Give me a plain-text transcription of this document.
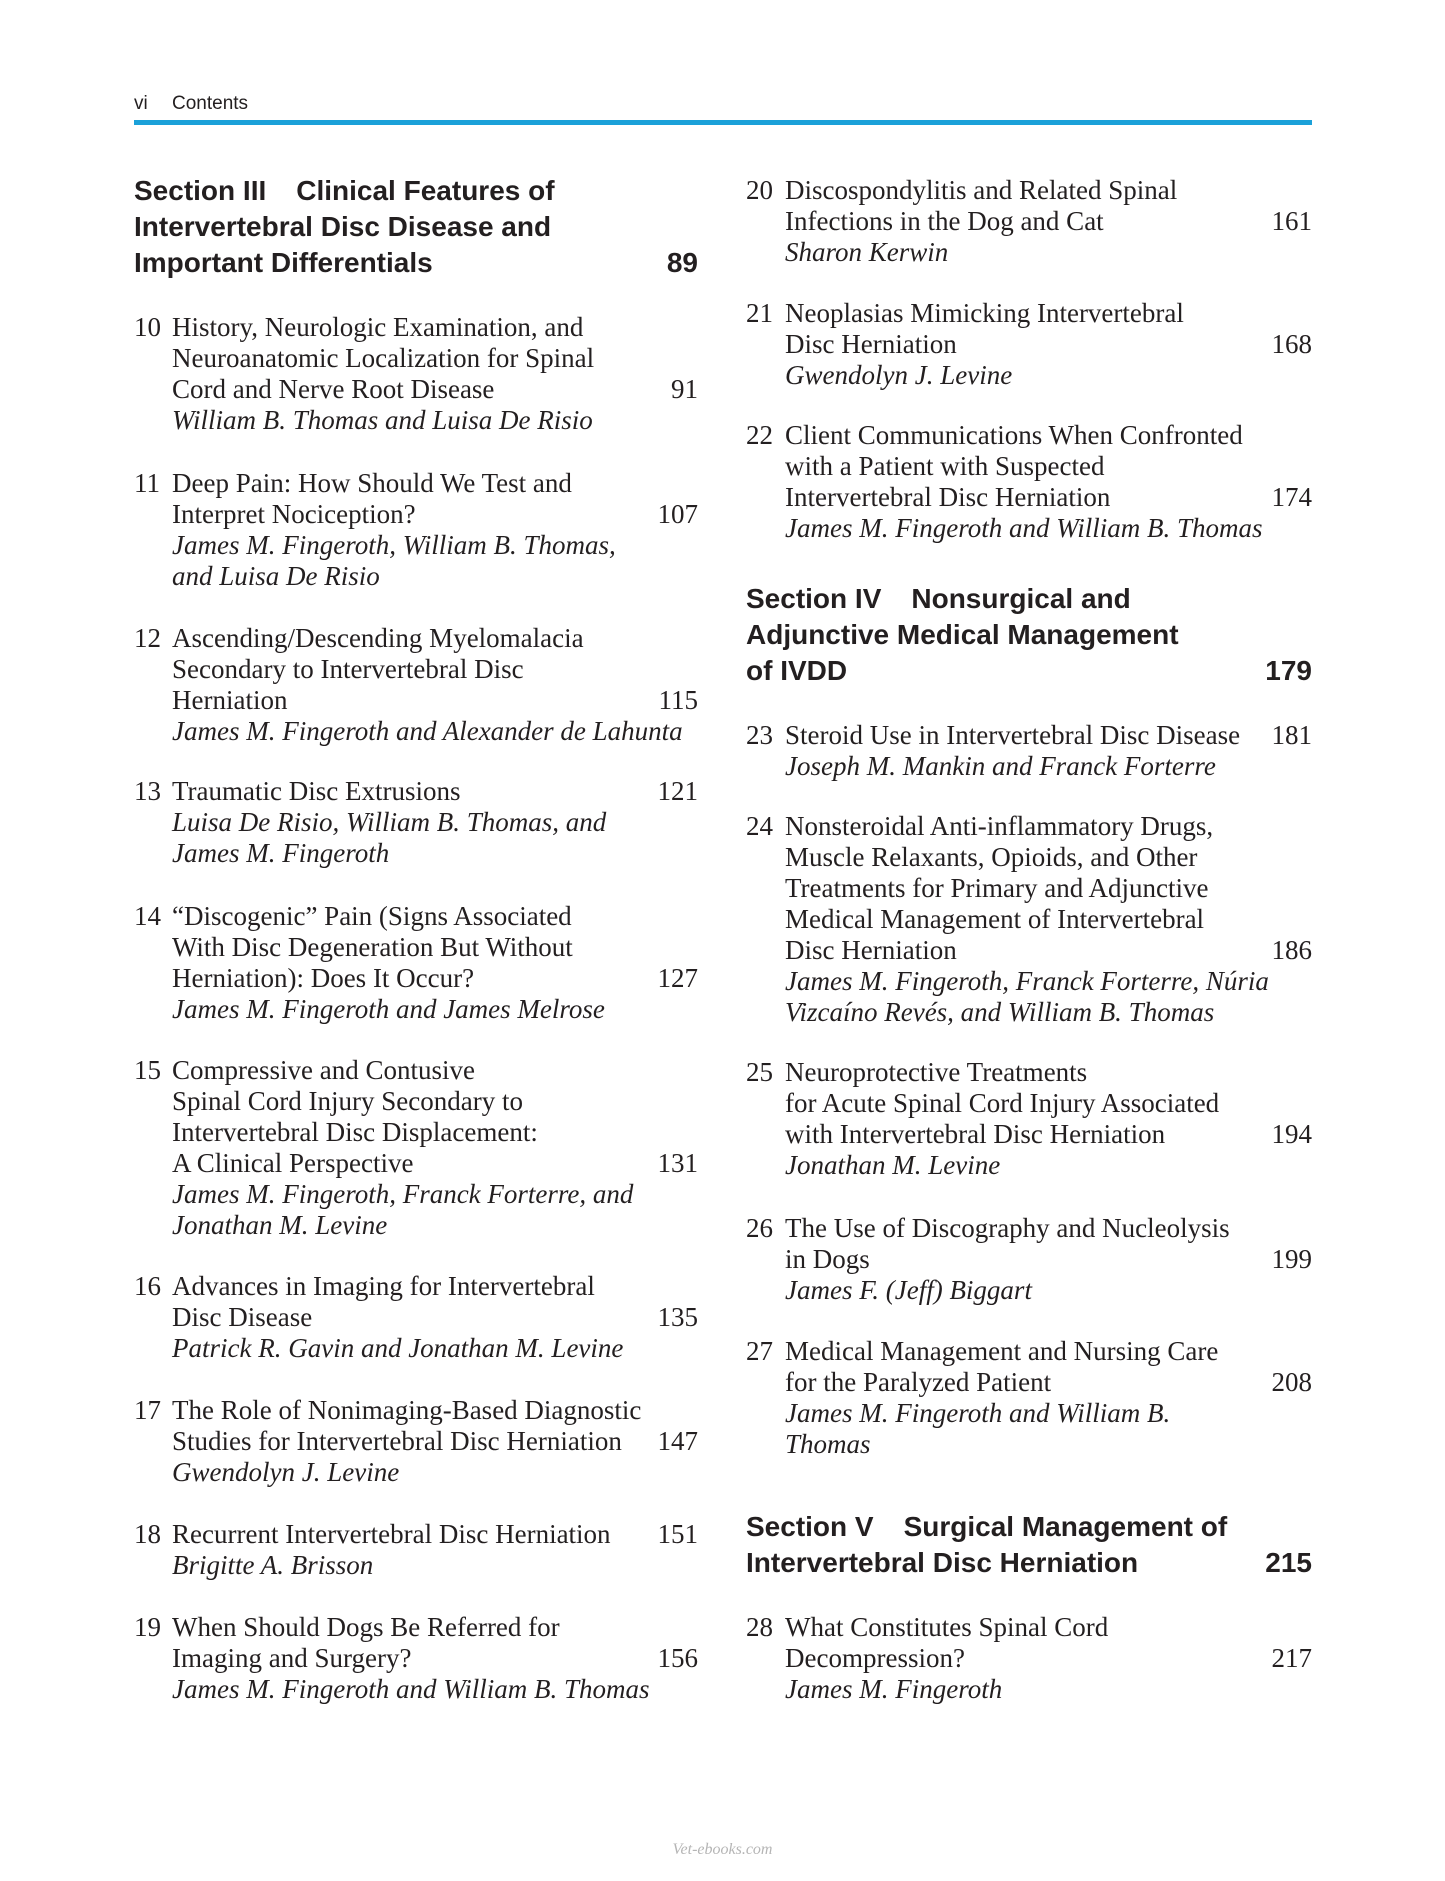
vi Contents
Section III Clinical Features of
Intervertebral Disc Disease and
Important Differentials	89
10 History, Neurologic Examination, and
Neuroanatomic Localization for Spinal
Cord and Nerve Root Disease	91
William B. Thomas and Luisa De Risio
11 Deep Pain: How Should We Test and
Interpret Nociception?	107
James M. Fingeroth, William B. Thomas,
and Luisa De Risio
12 Ascending/Descending Myelomalacia
Secondary to Intervertebral Disc
Herniation	115
James M. Fingeroth and Alexander de Lahunta
13 Traumatic Disc Extrusions	121
Luisa De Risio, William B. Thomas, and
James M. Fingeroth
14 “Discogenic” Pain (Signs Associated
With Disc Degeneration But Without
Herniation): Does It Occur?	127
James M. Fingeroth and James Melrose
15 Compressive and Contusive
Spinal Cord Injury Secondary to
Intervertebral Disc Displacement:
A Clinical Perspective	131
James M. Fingeroth, Franck Forterre, and
Jonathan M. Levine
16 Advances in Imaging for Intervertebral
Disc Disease	135
Patrick R. Gavin and Jonathan M. Levine
17 The Role of Nonimaging-Based Diagnostic
Studies for Intervertebral Disc Herniation 147
Gwendolyn J. Levine
18 Recurrent Intervertebral Disc Herniation 151
Brigitte A. Brisson
19 When Should Dogs Be Referred for
Imaging and Surgery?	156
James M. Fingeroth and William B. Thomas
20 Discospondylitis and Related Spinal
Infections in the Dog and Cat	161
Sharon Kerwin
21 Neoplasias Mimicking Intervertebral
Disc Herniation	168
Gwendolyn J. Levine
22 Client Communications When Confronted
with a Patient with Suspected
Intervertebral Disc Herniation	174
James M. Fingeroth and William B. Thomas
Section IV Nonsurgical and
Adjunctive Medical Management
of IVDD	179
23 Steroid Use in Intervertebral Disc Disease 181
Joseph M. Mankin and Franck Forterre
24 Nonsteroidal Anti-inflammatory Drugs,
Muscle Relaxants, Opioids, and Other
Treatments for Primary and Adjunctive
Medical Management of Intervertebral
Disc Herniation	186
James M. Fingeroth, Franck Forterre, Núria
Vizcaíno Revés, and William B. Thomas
25 Neuroprotective Treatments
for Acute Spinal Cord Injury Associated
with Intervertebral Disc Herniation	194
Jonathan M. Levine
26 The Use of Discography and Nucleolysis
in Dogs	199
James F. (Jeff) Biggart
27 Medical Management and Nursing Care
for the Paralyzed Patient	208
James M. Fingeroth and William B.
Thomas
Section V Surgical Management of
Intervertebral Disc Herniation	215
28 What Constitutes Spinal Cord
Decompression?	217
James M. Fingeroth
Vet-ebooks.com
